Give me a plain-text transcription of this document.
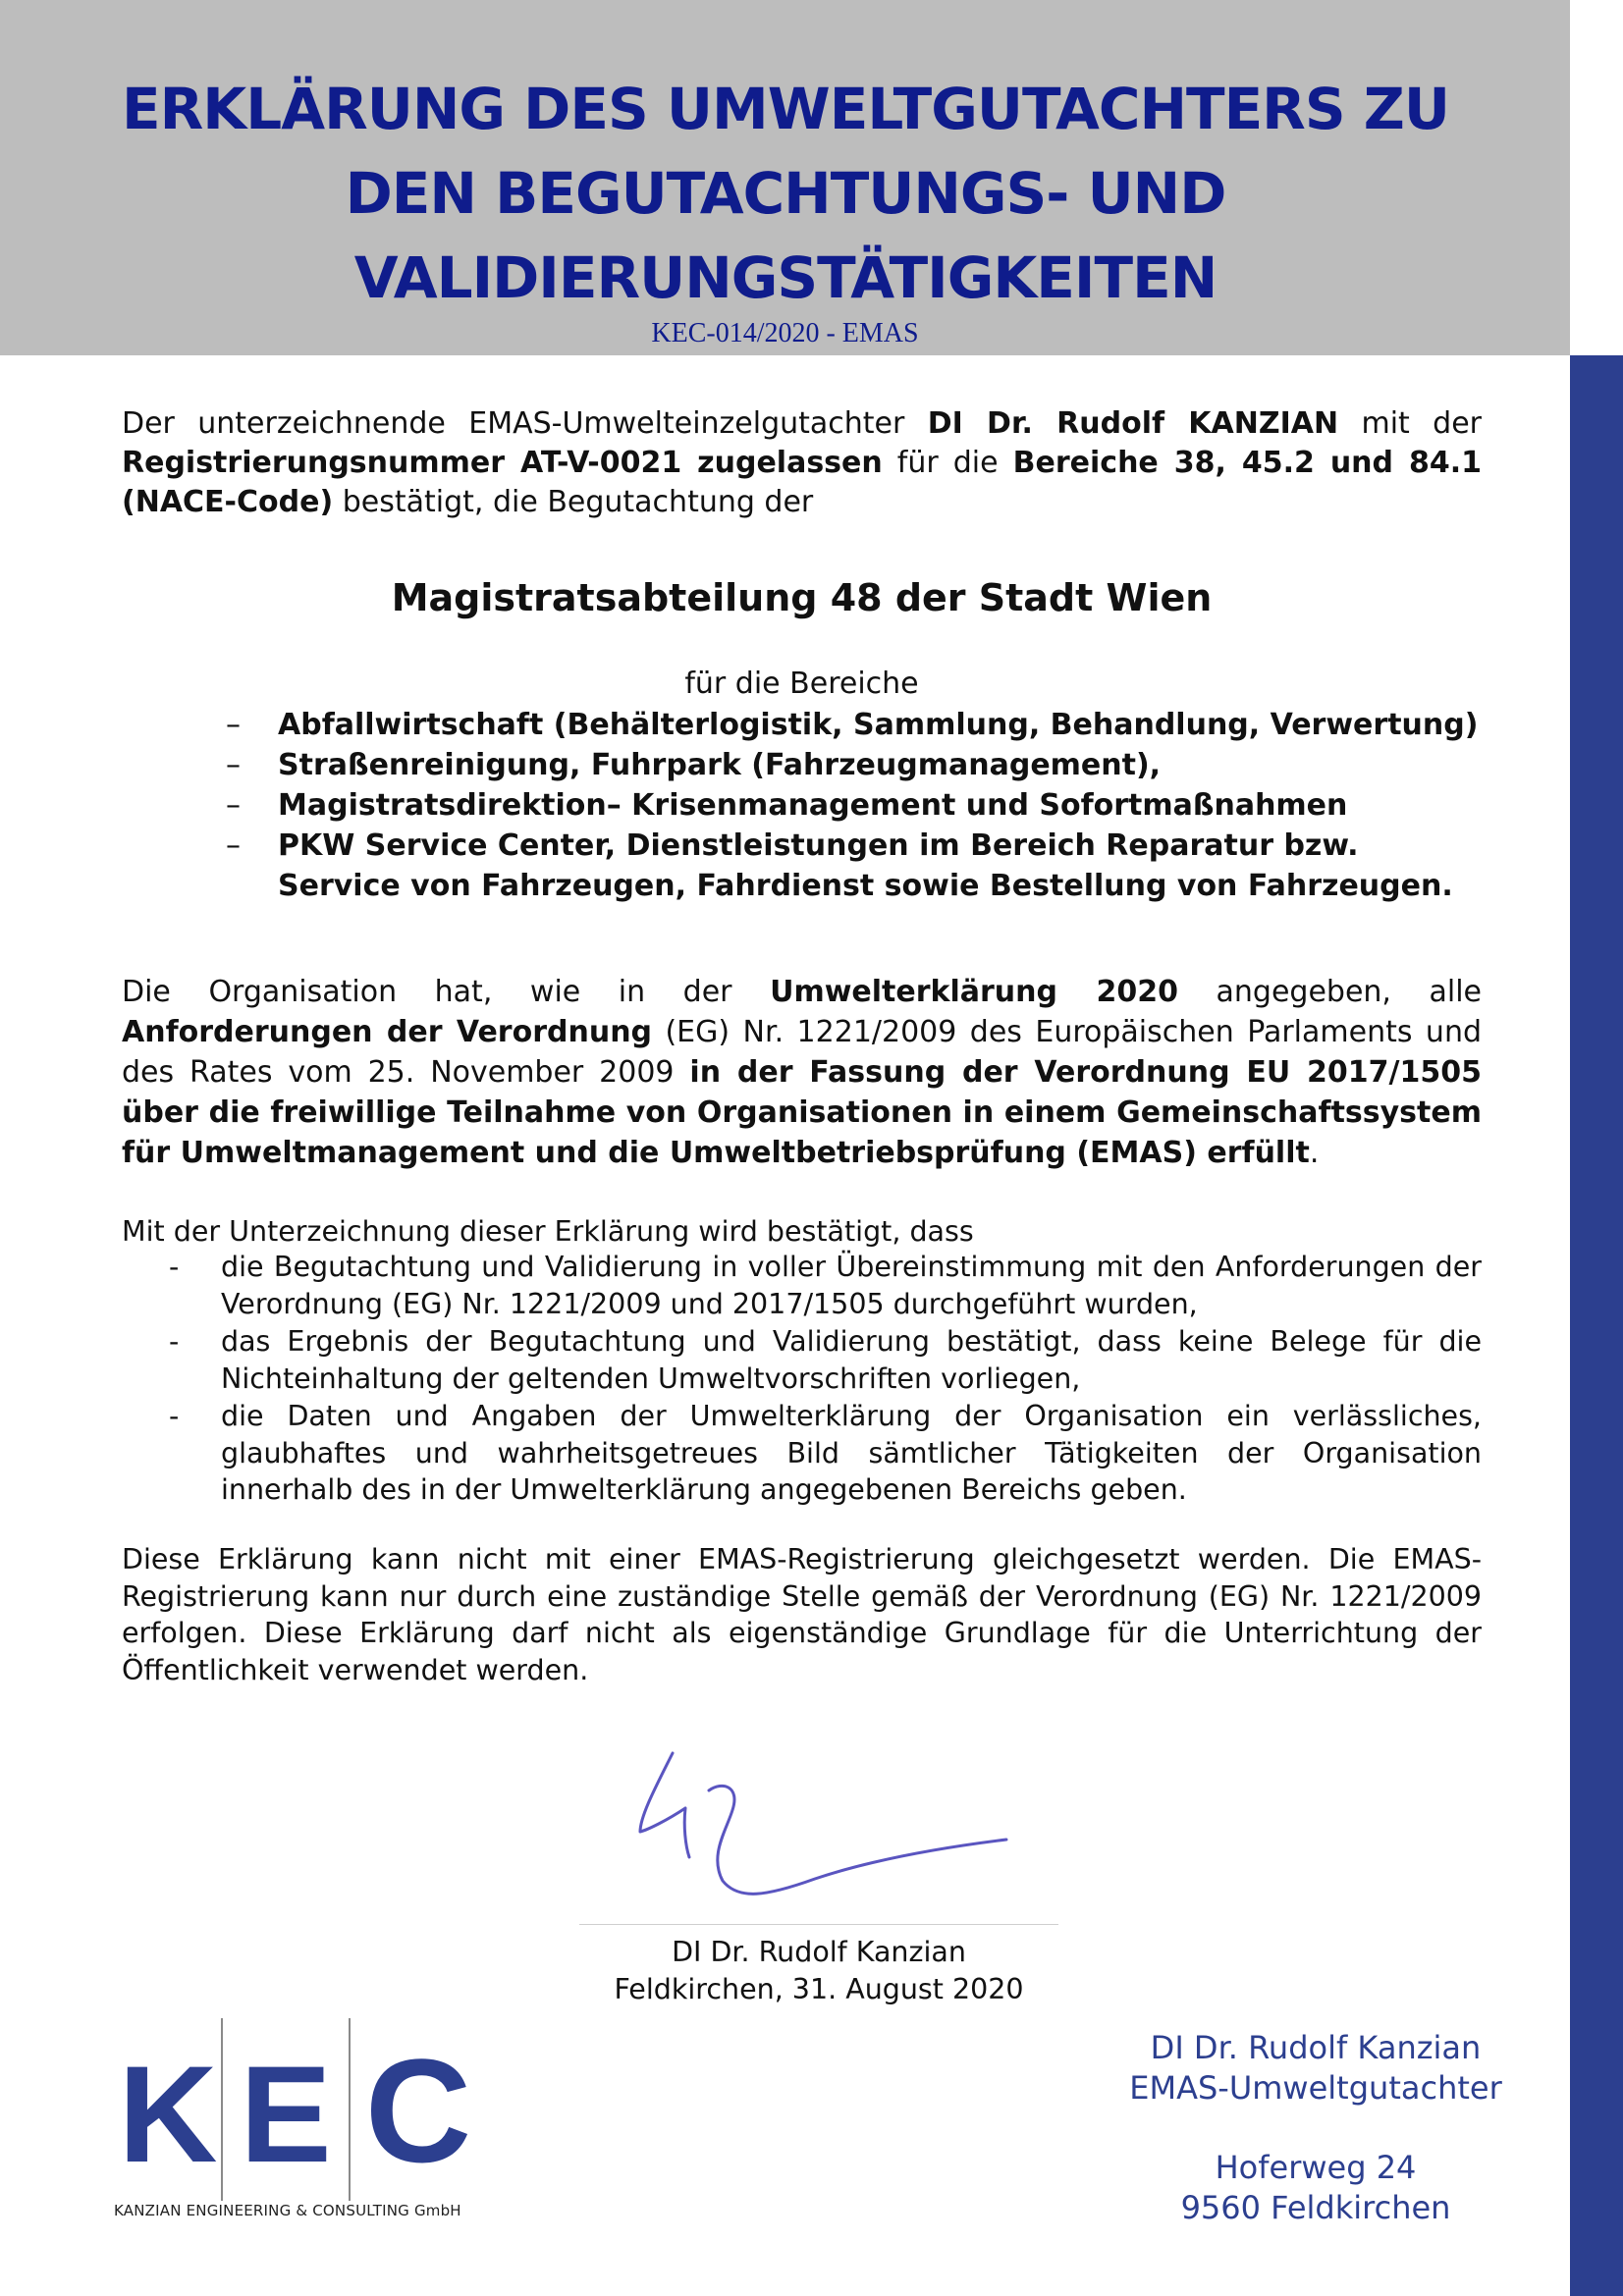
ERKLÄRUNG DES UMWELTGUTACHTERS ZU
DEN BEGUTACHTUNGS- UND
VALIDIERUNGSTÄTIGKEITEN
KEC-014/2020 - EMAS
Der unterzeichnende EMAS-Umwelteinzelgutachter DI Dr. Rudolf KANZIAN mit der Registrierungsnummer AT-V-0021 zugelassen für die Bereiche 38, 45.2 und 84.1 (NACE-Code) bestätigt, die Begutachtung der
Magistratsabteilung 48 der Stadt Wien
für die Bereiche
– Abfallwirtschaft (Behälterlogistik, Sammlung, Behandlung, Verwertung)
– Straßenreinigung, Fuhrpark (Fahrzeugmanagement),
– Magistratsdirektion– Krisenmanagement und Sofortmaßnahmen
– PKW Service Center, Dienstleistungen im Bereich Reparatur bzw. Service von Fahrzeugen, Fahrdienst sowie Bestellung von Fahrzeugen.
Die Organisation hat, wie in der Umwelterklärung 2020 angegeben, alle Anforderungen der Verordnung (EG) Nr. 1221/2009 des Europäischen Parlaments und des Rates vom 25. November 2009 in der Fassung der Verordnung EU 2017/1505 über die freiwillige Teilnahme von Organisationen in einem Gemeinschaftssystem für Umweltmanagement und die Umweltbetriebsprüfung (EMAS) erfüllt.
Mit der Unterzeichnung dieser Erklärung wird bestätigt, dass
- die Begutachtung und Validierung in voller Übereinstimmung mit den Anforderungen der Verordnung (EG) Nr. 1221/2009 und 2017/1505 durchgeführt wurden,
- das Ergebnis der Begutachtung und Validierung bestätigt, dass keine Belege für die Nichteinhaltung der geltenden Umweltvorschriften vorliegen,
- die Daten und Angaben der Umwelterklärung der Organisation ein verlässliches, glaubhaftes und wahrheitsgetreues Bild sämtlicher Tätigkeiten der Organisation innerhalb des in der Umwelterklärung angegebenen Bereichs geben.
Diese Erklärung kann nicht mit einer EMAS-Registrierung gleichgesetzt werden. Die EMAS-Registrierung kann nur durch eine zuständige Stelle gemäß der Verordnung (EG) Nr. 1221/2009 erfolgen. Diese Erklärung darf nicht als eigenständige Grundlage für die Unterrichtung der Öffentlichkeit verwendet werden.
DI Dr. Rudolf Kanzian
Feldkirchen, 31. August 2020
K E C
KANZIAN ENGINEERING & CONSULTING GmbH
DI Dr. Rudolf Kanzian
EMAS-Umweltgutachter
Hoferweg 24
9560 Feldkirchen
